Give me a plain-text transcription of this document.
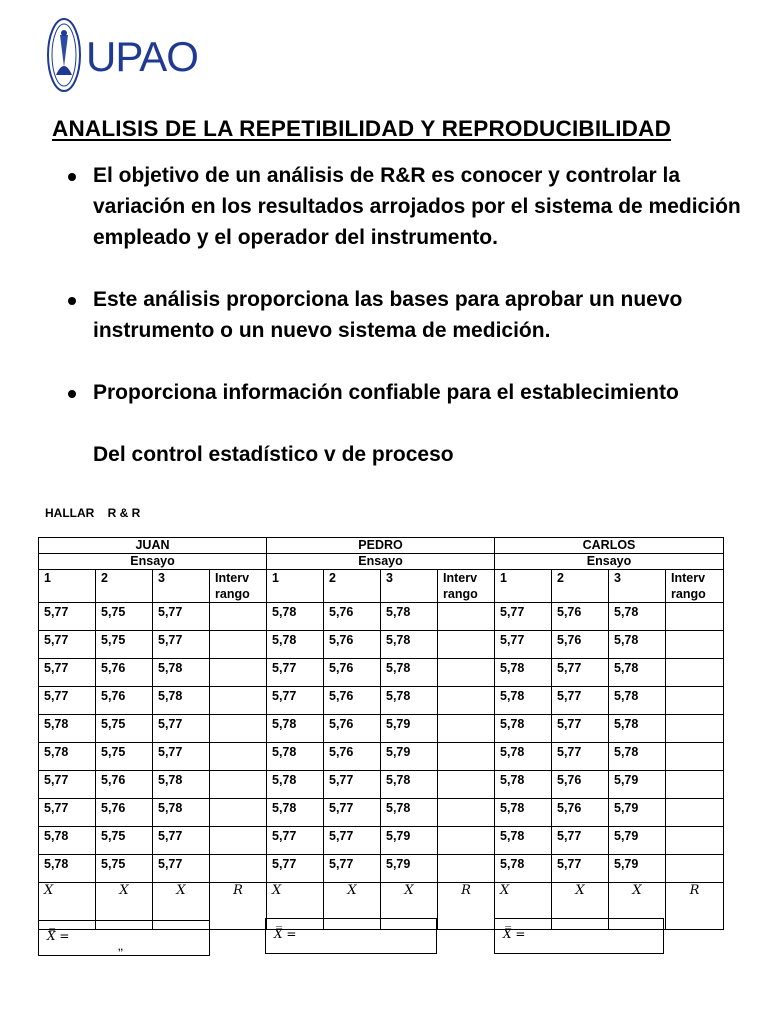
UPAO
ANALISIS DE LA REPETIBILIDAD Y REPRODUCIBILIDAD
El objetivo de un análisis de R&R es conocer y controlar la variación en los resultados arrojados por el sistema de medición empleado y el operador del instrumento.
Este análisis proporciona las bases para aprobar un nuevo instrumento o un nuevo sistema de medición.
Proporciona información confiable para el establecimiento
Del control estadístico v de proceso
HALLAR    R & R
JUAN				PEDRO				CARLOS			
Ensayo				Ensayo				Ensayo			
1	2	3	Interv rango	1	2	3	Interv rango	1	2	3	Interv rango
5,77	5,75	5,77		5,78	5,76	5,78		5,77	5,76	5,78	
5,77	5,75	5,77		5,78	5,76	5,78		5,77	5,76	5,78	
5,77	5,76	5,78		5,77	5,76	5,78		5,78	5,77	5,78	
5,77	5,76	5,78		5,77	5,76	5,78		5,78	5,77	5,78	
5,78	5,75	5,77		5,78	5,76	5,79		5,78	5,77	5,78	
5,78	5,75	5,77		5,78	5,76	5,79		5,78	5,77	5,78	
5,77	5,76	5,78		5,78	5,77	5,78		5,78	5,76	5,79	
5,77	5,76	5,78		5,78	5,77	5,78		5,78	5,76	5,79	
5,78	5,75	5,77		5,77	5,77	5,79		5,78	5,77	5,79	
5,78	5,75	5,77		5,77	5,77	5,79		5,78	5,77	5,79	
$\overline{X}$	$\overline{X}$	$\overline{X}$	$\overline{R}$	$\overline{X}$	$\overline{X}$	$\overline{X}$	$\overline{R}$	$\overline{X}$	$\overline{X}$	$\overline{X}$	$\overline{R}$
X̿ =	X̿ =	X̿ =
,,
